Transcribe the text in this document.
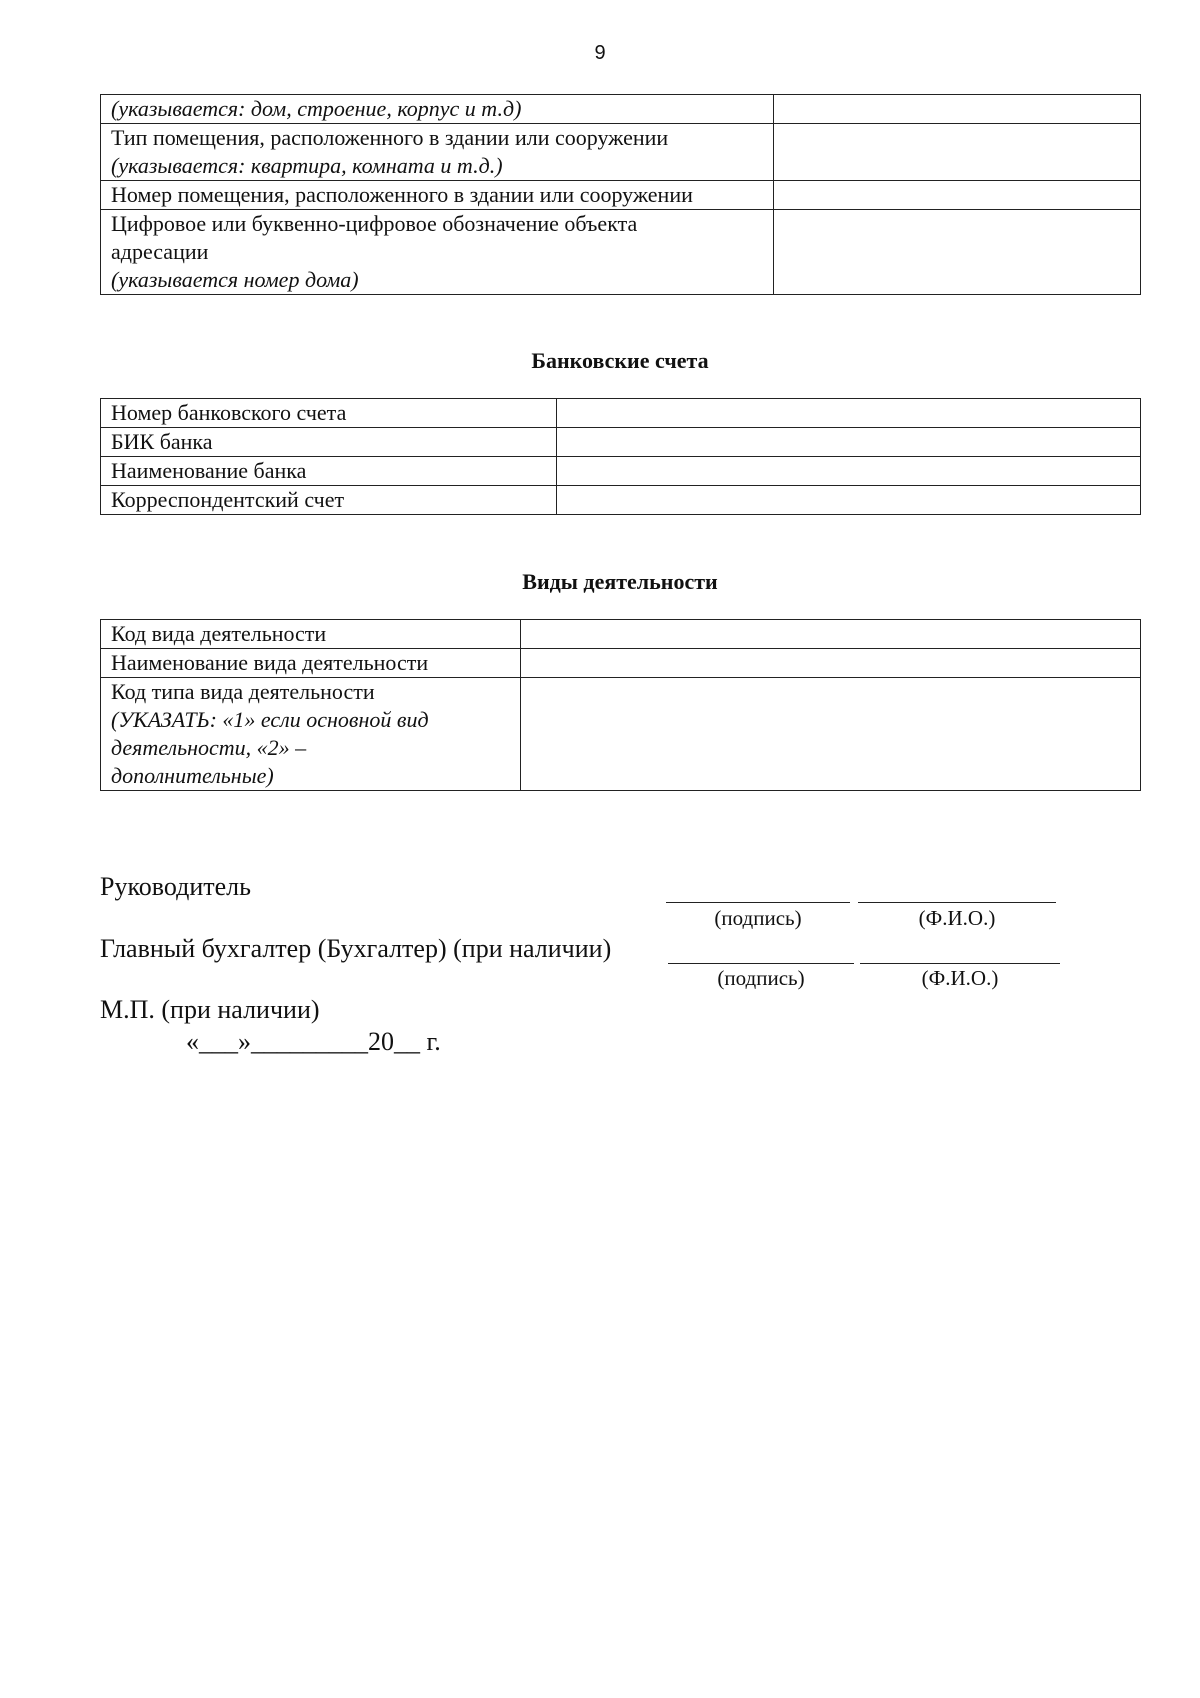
9
(указывается: дом, строение, корпус и т.д)	

Тип помещения, расположенного в здании или сооружении
(указывается: квартира, комната и т.д.)	

Номер помещения, расположенного в здании или сооружении	

Цифровое или буквенно-цифровое обозначение объекта
адресации
(указывается номер дома)	

Банковские счета
Номер банковского счета	

БИК банка	

Наименование банка	

Корреспондентский счет	

Виды деятельности
Код вида деятельности	

Наименование вида деятельности	

Код типа вида деятельности
(УКАЗАТЬ: «1» если основной вид
деятельности, «2» –
дополнительные)	

Руководитель
(подпись)	(Ф.И.О.)
Главный бухгалтер (Бухгалтер) (при наличии)
(подпись)	(Ф.И.О.)
М.П. (при наличии)
«___»_________20__ г.
